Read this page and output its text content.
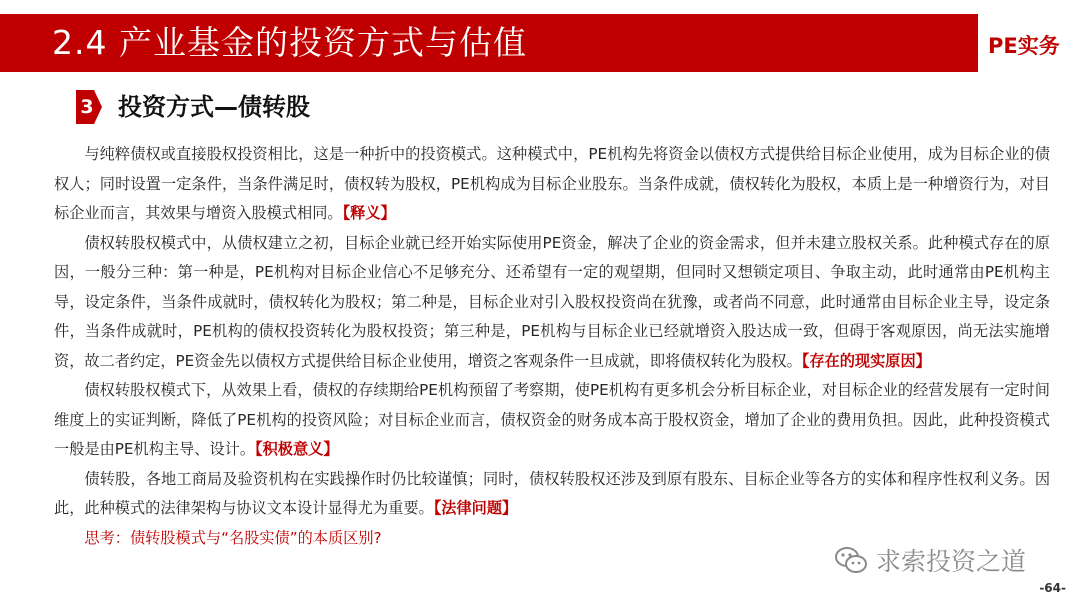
2.4 产业基金的投资方式与估值	PE实务
3 投资方式—债转股

与纯粹债权或直接股权投资相比，这是一种折中的投资模式。这种模式中，PE机构先将资金以债权方式提供给目标企业使用，成为目标企业的债权人；同时设置一定条件，当条件满足时，债权转为股权，PE机构成为目标企业股东。当条件成就，债权转化为股权，本质上是一种增资行为，对目标企业而言，其效果与增资入股模式相同。【释义】

债权转股权模式中，从债权建立之初，目标企业就已经开始实际使用PE资金，解决了企业的资金需求，但并未建立股权关系。此种模式存在的原因，一般分三种：第一种是，PE机构对目标企业信心不足够充分、还希望有一定的观望期，但同时又想锁定项目、争取主动，此时通常由PE机构主导，设定条件，当条件成就时，债权转化为股权；第二种是，目标企业对引入股权投资尚在犹豫，或者尚不同意，此时通常由目标企业主导，设定条件，当条件成就时，PE机构的债权投资转化为股权投资；第三种是，PE机构与目标企业已经就增资入股达成一致，但碍于客观原因，尚无法实施增资，故二者约定，PE资金先以债权方式提供给目标企业使用，增资之客观条件一旦成就，即将债权转化为股权。【存在的现实原因】

债权转股权模式下，从效果上看，债权的存续期给PE机构预留了考察期，使PE机构有更多机会分析目标企业，对目标企业的经营发展有一定时间维度上的实证判断，降低了PE机构的投资风险；对目标企业而言，债权资金的财务成本高于股权资金，增加了企业的费用负担。因此，此种投资模式一般是由PE机构主导、设计。【积极意义】

债转股，各地工商局及验资机构在实践操作时仍比较谨慎；同时，债权转股权还涉及到原有股东、目标企业等各方的实体和程序性权利义务。因此，此种模式的法律架构与协议文本设计显得尤为重要。【法律问题】

思考：债转股模式与“名股实债”的本质区别?

求索投资之道
-64-
